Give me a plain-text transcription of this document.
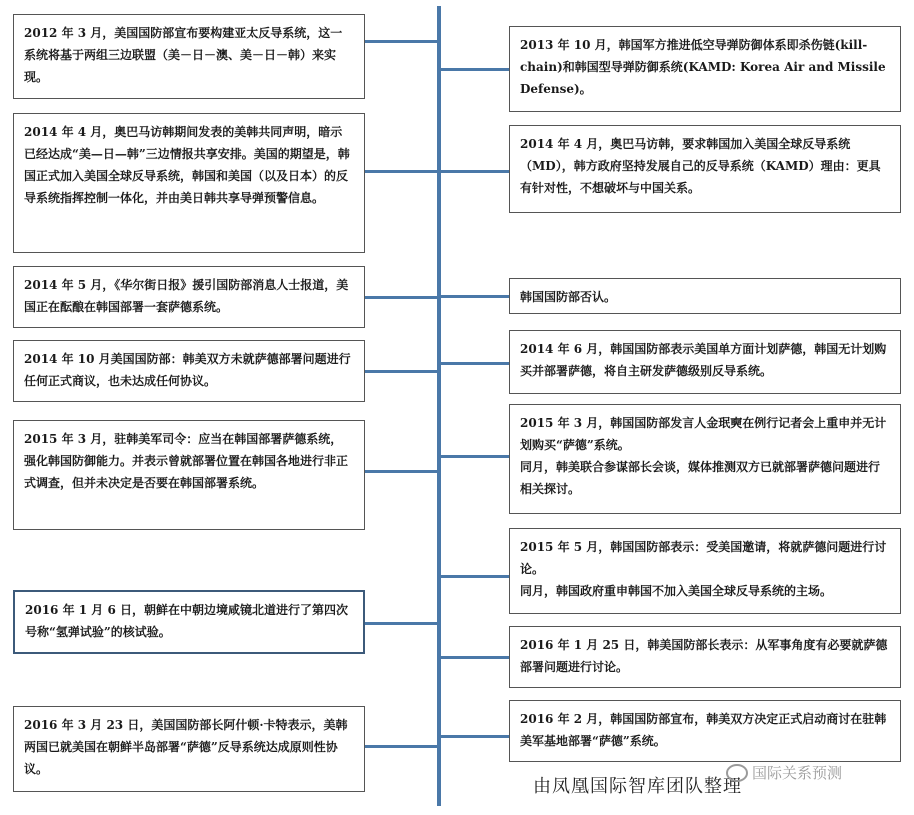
2012 年 3 月，美国国防部宣布要构建亚太反导系统，这一系统将基于两组三边联盟（美－日－澳、美－日－韩）来实现。

2014 年 4 月，奥巴马访韩期间发表的美韩共同声明，暗示已经达成“美—日—韩”三边情报共享安排。美国的期望是，韩国正式加入美国全球反导系统，韩国和美国（以及日本）的反导系统指挥控制一体化，并由美日韩共享导弹预警信息。

2014 年 5 月，《华尔街日报》援引国防部消息人士报道，美国正在酝酿在韩国部署一套萨德系统。

2014 年 10 月美国国防部：韩美双方未就萨德部署问题进行任何正式商议，也未达成任何协议。

2015 年 3 月，驻韩美军司令：应当在韩国部署萨德系统，强化韩国防御能力。并表示曾就部署位置在韩国各地进行非正式调查，但并未决定是否要在韩国部署系统。

2016 年 1 月 6 日，朝鲜在中朝边境咸镜北道进行了第四次号称“氢弹试验”的核试验。

2016 年 3 月 23 日，美国国防部长阿什顿·卡特表示，美韩两国已就美国在朝鲜半岛部署“萨德”反导系统达成原则性协议。

2013 年 10 月，韩国军方推进低空导弹防御体系即杀伤链(kill-chain)和韩国型导弹防御系统(KAMD: Korea Air and Missile Defense)。

2014 年 4 月，奥巴马访韩，要求韩国加入美国全球反导系统（MD），韩方政府坚持发展自己的反导系统（KAMD）理由：更具有针对性，不想破坏与中国关系。

韩国国防部否认。

2014 年 6 月，韩国国防部表示美国单方面计划萨德，韩国无计划购买并部署萨德，将自主研发萨德级别反导系统。

2015 年 3 月，韩国国防部发言人金珉奭在例行记者会上重申并无计划购买“萨德”系统。

同月，韩美联合参谋部长会谈，媒体推测双方已就部署萨德问题进行相关探讨。

2015 年 5 月，韩国国防部表示：受美国邀请，将就萨德问题进行讨论。

同月，韩国政府重申韩国不加入美国全球反导系统的主场。

2016 年 1 月 25 日，韩美国防部长表示：从军事角度有必要就萨德部署问题进行讨论。

2016 年 2 月，韩国国防部宣布，韩美双方决定正式启动商讨在驻韩美军基地部署“萨德”系统。

由凤凰国际智库团队整理
国际关系预测
